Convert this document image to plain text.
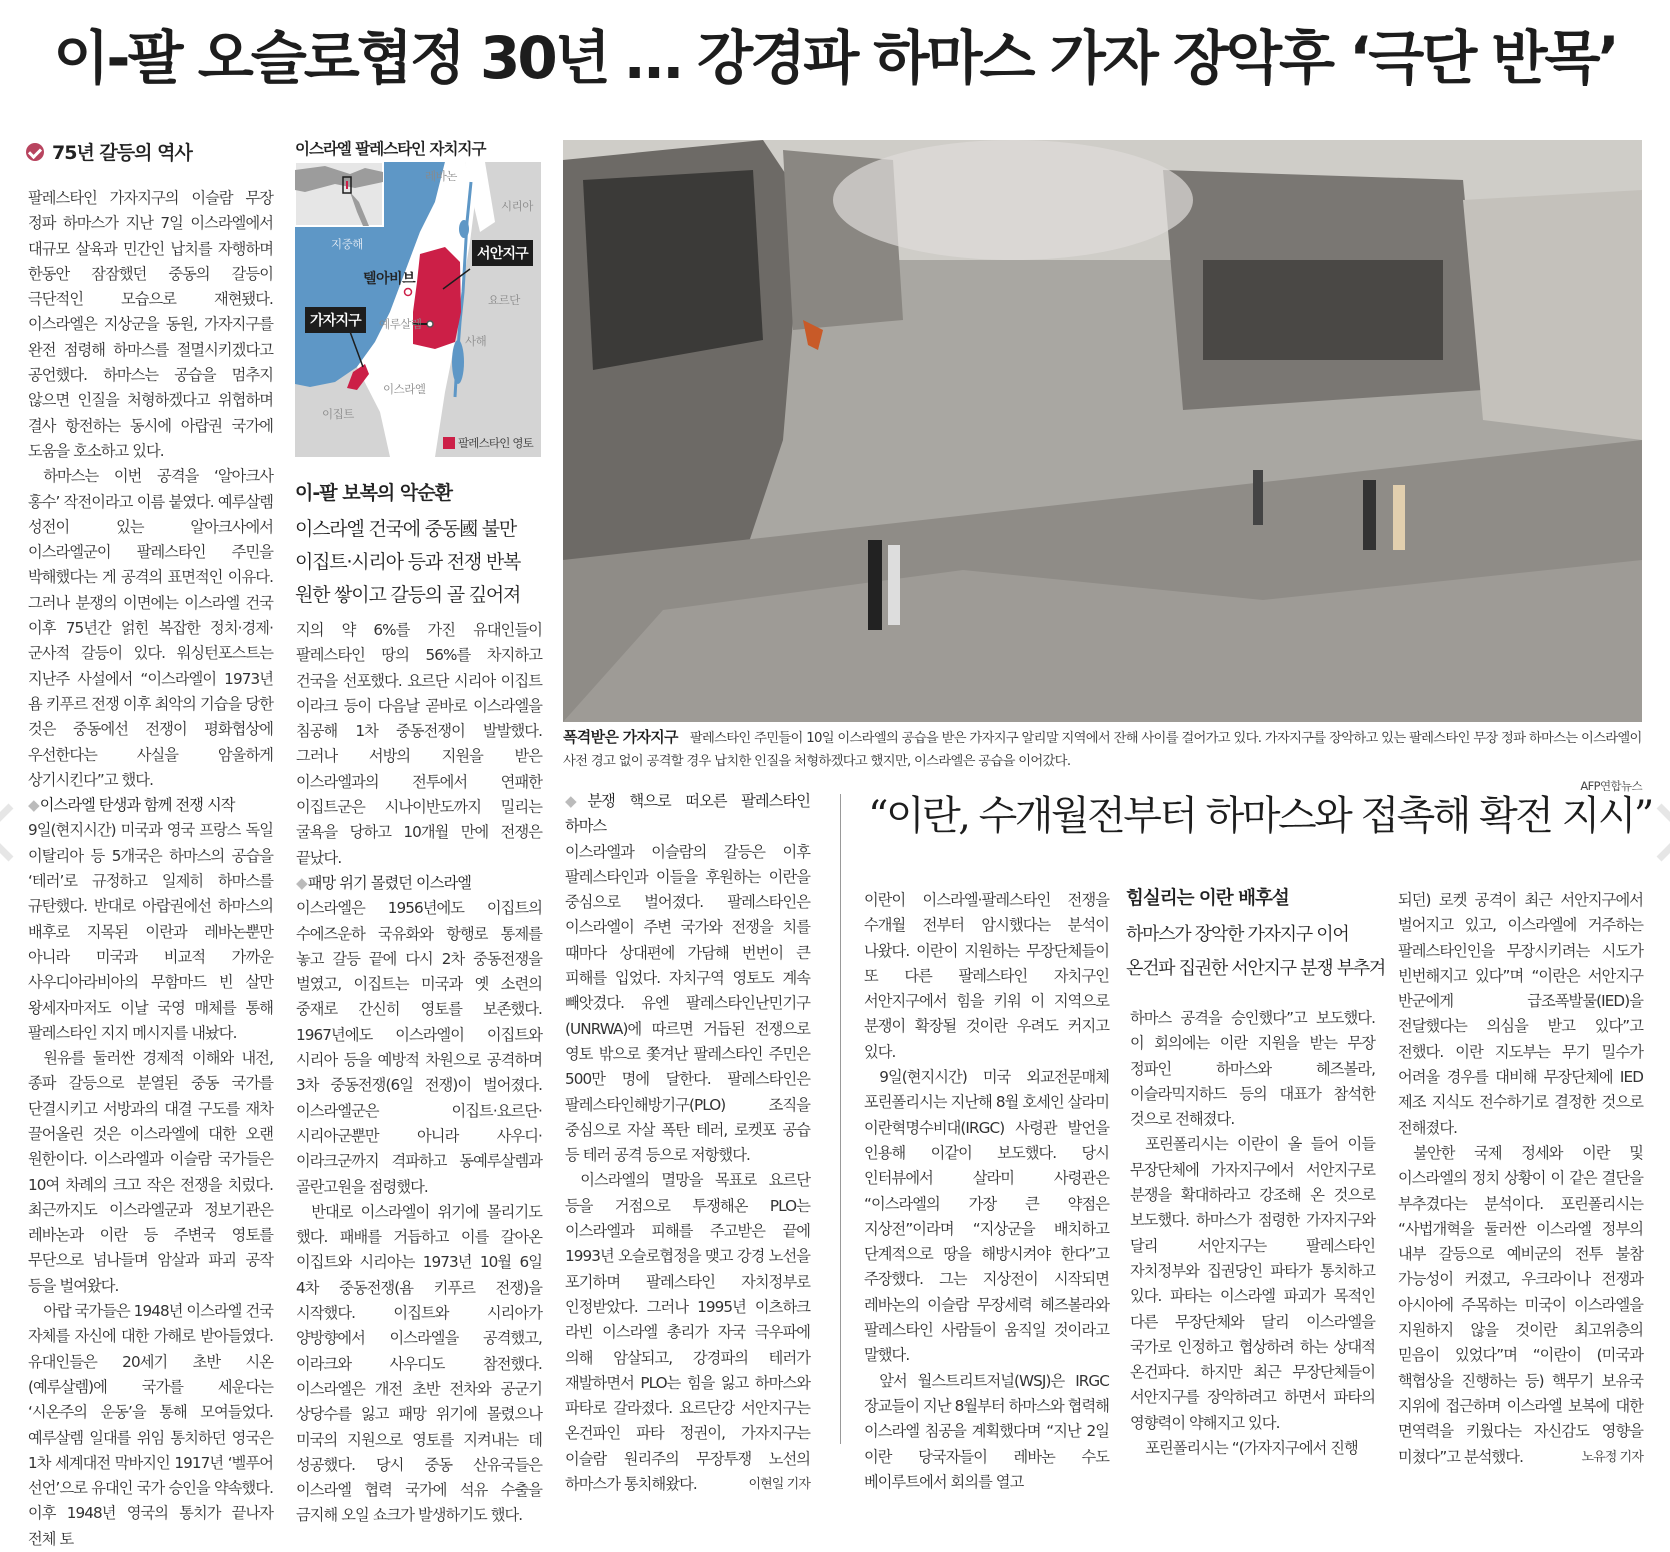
이-팔 오슬로협정 30년 … 강경파 하마스 가자 장악후 ‘극단 반목’
75년 갈등의 역사

팔레스타인 가자지구의 이슬람 무장 정파 하마스가 지난 7일 이스라엘에서 대규모 살육과 민간인 납치를 자행하며 한동안 잠잠했던 중동의 갈등이 극단적인 모습으로 재현됐다. 이스라엘은 지상군을 동원, 가자지구를 완전 점령해 하마스를 절멸시키겠다고 공언했다. 하마스는 공습을 멈추지 않으면 인질을 처형하겠다고 위협하며 결사 항전하는 동시에 아랍권 국가에 도움을 호소하고 있다.

하마스는 이번 공격을 ‘알아크사 홍수’ 작전이라고 이름 붙였다. 예루살렘 성전이 있는 알아크사에서 이스라엘군이 팔레스타인 주민을 박해했다는 게 공격의 표면적인 이유다. 그러나 분쟁의 이면에는 이스라엘 건국 이후 75년간 얽힌 복잡한 정치·경제·군사적 갈등이 있다. 워싱턴포스트는 지난주 사설에서 “이스라엘이 1973년 욤 키푸르 전쟁 이후 최악의 기습을 당한 것은 중동에선 전쟁이 평화협상에 우선한다는 사실을 암울하게 상기시킨다”고 했다.

◆ 이스라엘 탄생과 함께 전쟁 시작

9일(현지시간) 미국과 영국 프랑스 독일 이탈리아 등 5개국은 하마스의 공습을 ‘테러’로 규정하고 일제히 하마스를 규탄했다. 반대로 아랍권에선 하마스의 배후로 지목된 이란과 레바논뿐만 아니라 미국과 비교적 가까운 사우디아라비아의 무함마드 빈 살만 왕세자마저도 이날 국영 매체를 통해 팔레스타인 지지 메시지를 내놨다.

원유를 둘러싼 경제적 이해와 내전, 종파 갈등으로 분열된 중동 국가를 단결시키고 서방과의 대결 구도를 재차 끌어올린 것은 이스라엘에 대한 오랜 원한이다. 이스라엘과 이슬람 국가들은 10여 차례의 크고 작은 전쟁을 치렀다. 최근까지도 이스라엘군과 정보기관은 레바논과 이란 등 주변국 영토를 무단으로 넘나들며 암살과 파괴 공작 등을 벌여왔다.

아랍 국가들은 1948년 이스라엘 건국 자체를 자신에 대한 가해로 받아들였다. 유대인들은 20세기 초반 시온(예루살렘)에 국가를 세운다는 ‘시온주의 운동’을 통해 모여들었다. 예루살렘 일대를 위임 통치하던 영국은 1차 세계대전 막바지인 1917년 ‘벨푸어 선언’으로 유대인 국가 승인을 약속했다. 이후 1948년 영국의 통치가 끝나자 전체 토

이스라엘 팔레스타인 자치지구
레바논
시리아
지중해
텔아비브
예루살렘
요르단
사해
이스라엘
이집트
서안지구
가자지구
팔레스타인 영토
이-팔 보복의 악순환
이스라엘 건국에 중동國 불만
이집트·시리아 등과 전쟁 반복
원한 쌓이고 갈등의 골 깊어져

지의 약 6%를 가진 유대인들이 팔레스타인 땅의 56%를 차지하고 건국을 선포했다. 요르단 시리아 이집트 이라크 등이 다음날 곧바로 이스라엘을 침공해 1차 중동전쟁이 발발했다. 그러나 서방의 지원을 받은 이스라엘과의 전투에서 연패한 이집트군은 시나이반도까지 밀리는 굴욕을 당하고 10개월 만에 전쟁은 끝났다.

◆ 패망 위기 몰렸던 이스라엘

이스라엘은 1956년에도 이집트의 수에즈운하 국유화와 항행로 통제를 놓고 갈등 끝에 다시 2차 중동전쟁을 벌였고, 이집트는 미국과 옛 소련의 중재로 간신히 영토를 보존했다. 1967년에도 이스라엘이 이집트와 시리아 등을 예방적 차원으로 공격하며 3차 중동전쟁(6일 전쟁)이 벌어졌다. 이스라엘군은 이집트·요르단·시리아군뿐만 아니라 사우디·이라크군까지 격파하고 동예루살렘과 골란고원을 점령했다.

반대로 이스라엘이 위기에 몰리기도 했다. 패배를 거듭하고 이를 갈아온 이집트와 시리아는 1973년 10월 6일 4차 중동전쟁(욤 키푸르 전쟁)을 시작했다. 이집트와 시리아가 양방향에서 이스라엘을 공격했고, 이라크와 사우디도 참전했다. 이스라엘은 개전 초반 전차와 공군기 상당수를 잃고 패망 위기에 몰렸으나 미국의 지원으로 영토를 지켜내는 데 성공했다. 당시 중동 산유국들은 이스라엘 협력 국가에 석유 수출을 금지해 오일 쇼크가 발생하기도 했다.

폭격받은 가자지구 팔레스타인 주민들이 10일 이스라엘의 공습을 받은 가자지구 알리말 지역에서 잔해 사이를 걸어가고 있다. 가자지구를 장악하고 있는 팔레스타인 무장 정파 하마스는 이스라엘이 사전 경고 없이 공격할 경우 납치한 인질을 처형하겠다고 했지만, 이스라엘은 공습을 이어갔다.
AFP연합뉴스

◆ 분쟁 핵으로 떠오른 팔레스타인 하마스

이스라엘과 이슬람의 갈등은 이후 팔레스타인과 이들을 후원하는 이란을 중심으로 벌어졌다. 팔레스타인은 이스라엘이 주변 국가와 전쟁을 치를 때마다 상대편에 가담해 번번이 큰 피해를 입었다. 자치구역 영토도 계속 빼앗겼다. 유엔 팔레스타인난민기구(UNRWA)에 따르면 거듭된 전쟁으로 영토 밖으로 쫓겨난 팔레스타인 주민은 500만 명에 달한다. 팔레스타인은 팔레스타인해방기구(PLO) 조직을 중심으로 자살 폭탄 테러, 로켓포 공습 등 테러 공격 등으로 저항했다.

이스라엘의 멸망을 목표로 요르단 등을 거점으로 투쟁해온 PLO는 이스라엘과 피해를 주고받은 끝에 1993년 오슬로협정을 맺고 강경 노선을 포기하며 팔레스타인 자치정부로 인정받았다. 그러나 1995년 이츠하크 라빈 이스라엘 총리가 자국 극우파에 의해 암살되고, 강경파의 테러가 재발하면서 PLO는 힘을 잃고 하마스와 파타로 갈라졌다. 요르단강 서안지구는 온건파인 파타 정권이, 가자지구는 이슬람 원리주의 무장투쟁 노선의 하마스가 통치해왔다.	이현일 기자

“이란, 수개월전부터 하마스와 접촉해 확전 지시”
힘실리는 이란 배후설
하마스가 장악한 가자지구 이어
온건파 집권한 서안지구 분쟁 부추겨

이란이 이스라엘·팔레스타인 전쟁을 수개월 전부터 암시했다는 분석이 나왔다. 이란이 지원하는 무장단체들이 또 다른 팔레스타인 자치구인 서안지구에서 힘을 키워 이 지역으로 분쟁이 확장될 것이란 우려도 커지고 있다.

9일(현지시간) 미국 외교전문매체 포린폴리시는 지난해 8월 호세인 살라미 이란혁명수비대(IRGC) 사령관 발언을 인용해 이같이 보도했다. 당시 인터뷰에서 살라미 사령관은 “이스라엘의 가장 큰 약점은 지상전”이라며 “지상군을 배치하고 단계적으로 땅을 해방시켜야 한다”고 주장했다. 그는 지상전이 시작되면 레바논의 이슬람 무장세력 헤즈볼라와 팔레스타인 사람들이 움직일 것이라고 말했다.

앞서 월스트리트저널(WSJ)은 IRGC 장교들이 지난 8월부터 하마스와 협력해 이스라엘 침공을 계획했다며 “지난 2일 이란 당국자들이 레바논 수도 베이루트에서 회의를 열고

하마스 공격을 승인했다”고 보도했다. 이 회의에는 이란 지원을 받는 무장 정파인 하마스와 헤즈볼라, 이슬라믹지하드 등의 대표가 참석한 것으로 전해졌다.

포린폴리시는 이란이 올 들어 이들 무장단체에 가자지구에서 서안지구로 분쟁을 확대하라고 강조해 온 것으로 보도했다. 하마스가 점령한 가자지구와 달리 서안지구는 팔레스타인 자치정부와 집권당인 파타가 통치하고 있다. 파타는 이스라엘 파괴가 목적인 다른 무장단체와 달리 이스라엘을 국가로 인정하고 협상하려 하는 상대적 온건파다. 하지만 최근 무장단체들이 서안지구를 장악하려고 하면서 파타의 영향력이 약해지고 있다.

포린폴리시는 “(가자지구에서 진행

되던) 로켓 공격이 최근 서안지구에서 벌어지고 있고, 이스라엘에 거주하는 팔레스타인인을 무장시키려는 시도가 빈번해지고 있다”며 “이란은 서안지구 반군에게 급조폭발물(IED)을 전달했다는 의심을 받고 있다”고 전했다. 이란 지도부는 무기 밀수가 어려울 경우를 대비해 무장단체에 IED 제조 지식도 전수하기로 결정한 것으로 전해졌다.

불안한 국제 정세와 이란 및 이스라엘의 정치 상황이 이 같은 결단을 부추겼다는 분석이다. 포린폴리시는 “사법개혁을 둘러싼 이스라엘 정부의 내부 갈등으로 예비군의 전투 불참 가능성이 커졌고, 우크라이나 전쟁과 아시아에 주목하는 미국이 이스라엘을 지원하지 않을 것이란 최고위층의 믿음이 있었다”며 “이란이 (미국과 핵협상을 진행하는 등) 핵무기 보유국 지위에 접근하며 이스라엘 보복에 대한 면역력을 키웠다는 자신감도 영향을 미쳤다”고 분석했다.	노유정 기자
